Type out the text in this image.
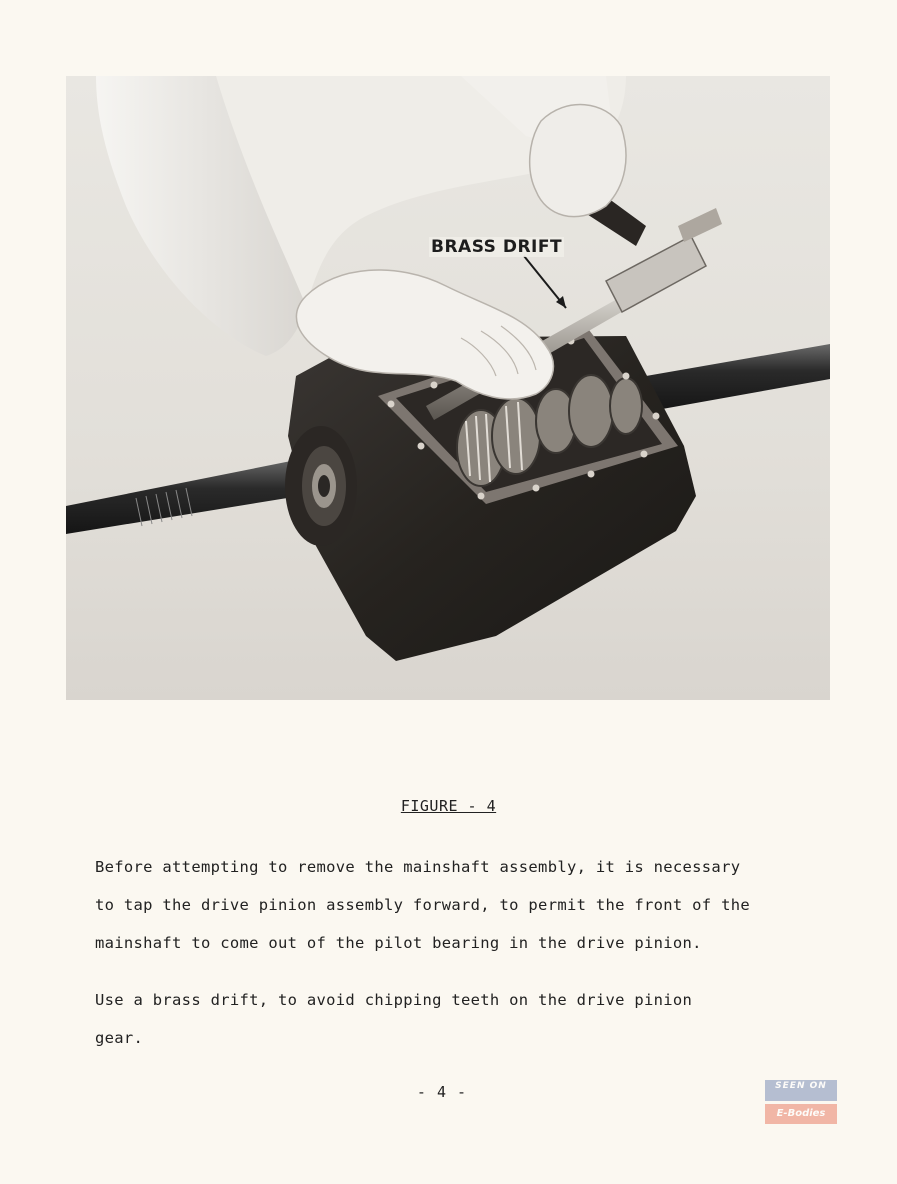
BRASS DRIFT
FIGURE - 4
Before attempting to remove the mainshaft assembly, it is necessary
to tap the drive pinion assembly forward, to permit the front of the
mainshaft to come out of the pilot bearing in the drive pinion.
Use a brass drift, to avoid chipping teeth on the drive pinion
gear.
- 4 -	SEEN ON
E-Bodies
